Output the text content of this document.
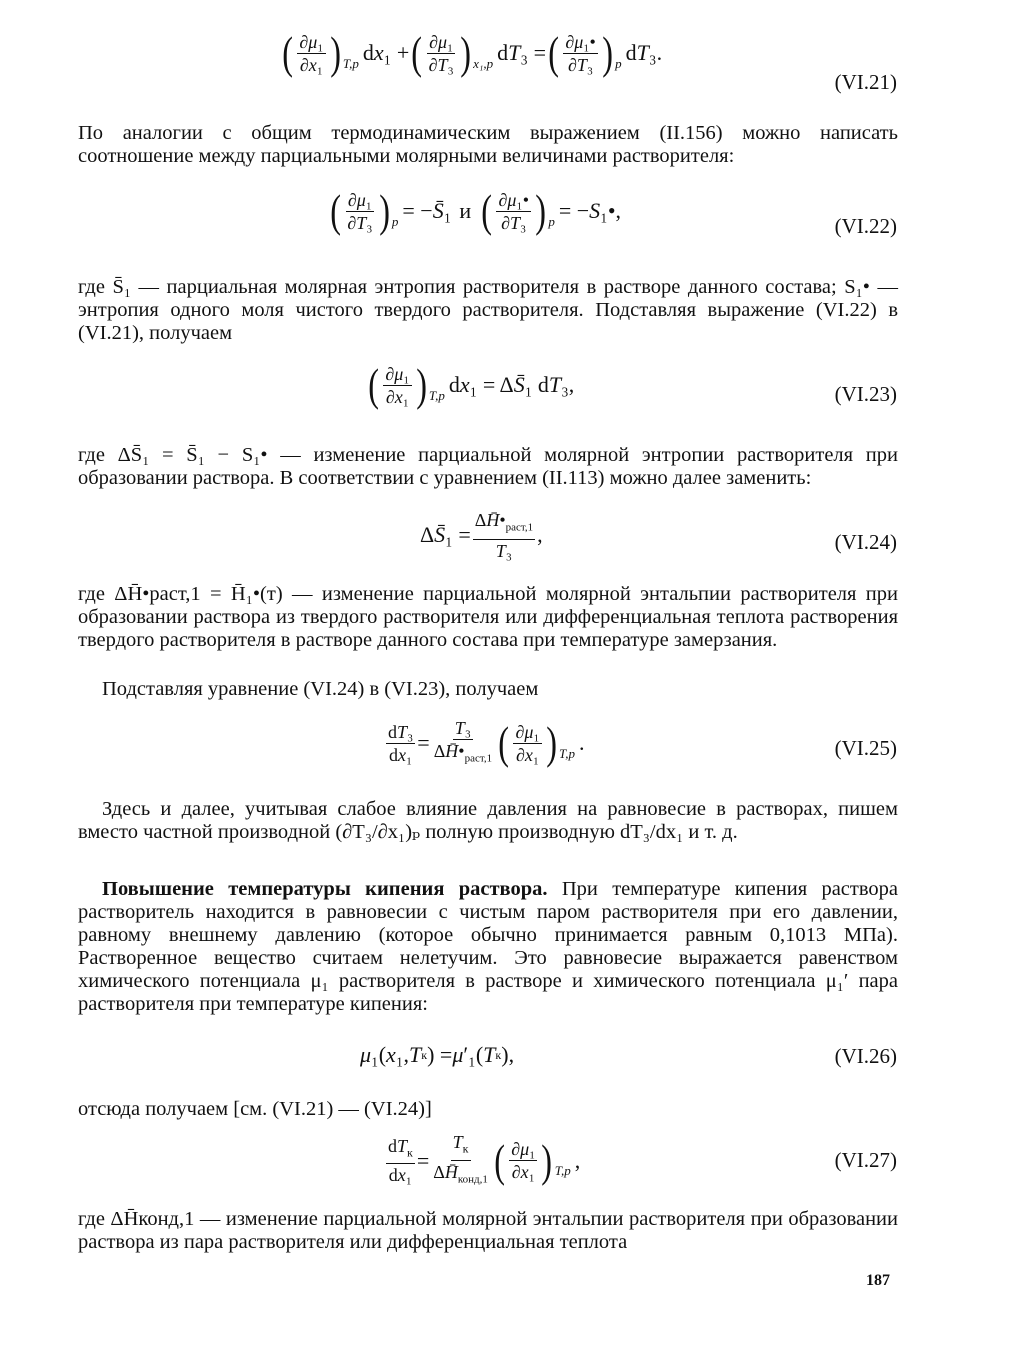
( $\frac{\text{∂μ₁}}{\text{∂x₁}}$ ) T,p d x ₁ + ( $\frac{\text{∂μ₁}}{\text{∂T₃}}$ ) x₁,p d T ₃ = ( $\frac{\text{∂μ₁•}}{\text{∂T₃}}$ ) p d T ₃.
(VI.21)
По аналогии с общим термодинамическим выражением (II.156) можно написать соотношение между парциальными молярными величинами растворителя:
( $\frac{\text{∂μ₁}}{\text{∂T₃}}$ ) p = − S̄ ₁ и ( $\frac{\text{∂μ₁•}}{\text{∂T₃}}$ ) p = − S ₁•,
(VI.22)
где S̄₁ — парциальная молярная энтропия растворителя в растворе данного состава; S₁• — энтропия одного моля чистого твердого растворителя. Подставляя выражение (VI.22) в (VI.21), получаем
( $\frac{\text{∂μ₁}}{\text{∂x₁}}$ ) T,p d x ₁ = Δ S̄ ₁ d T ₃,	(VI.23)
где ΔS̄₁ = S̄₁ − S₁• — изменение парциальной молярной энтропии растворителя при образовании раствора. В соответствии с уравнением (II.113) можно далее заменить:
Δ S̄ $_1 = \frac{\Delta H̄•_{раст,1}}{\text{T₃}}$ ,	(VI.24)
где ΔH̄•раст,1 = H̄₁•(т) — изменение парциальной молярной энтальпии растворителя при образовании раствора из твердого растворителя или дифференциальная теплота растворения твердого растворителя в растворе данного состава при температуре замерзания.
Подставляя уравнение (VI.24) в (VI.23), получаем
$\frac{\text{dT₃}}{\text{dx₁}} = \frac{\text{T₃}}{\Delta H̄•_{раст,1}}$ ( $\frac{\text{∂μ₁}}{\text{∂x₁}}$ ) T,p .	(VI.25)
Здесь и далее, учитывая слабое влияние давления на равновесие в растворах, пишем вместо частной производной (∂T₃/∂x₁)ₚ полную производную dT₃/dx₁ и т. д.
Повышение температуры кипения раствора. При температуре кипения раствора растворитель находится в равновесии с чистым паром растворителя при его давлении, равному внешнему давлению (которое обычно принимается равным 0,1013 МПа). Растворенное вещество считаем нелетучим. Это равновесие выражается равенством химического потенциала μ₁ растворителя в растворе и химического потенциала μ₁′ пара растворителя при температуре кипения:
μ ₁( x ₁, T к ) = μ ′₁( T к ),	(VI.26)
отсюда получаем [см. (VI.21) — (VI.24)]
$\frac{dT_к}{\text{dx₁}} = \frac{T_к}{\Delta H̄_{конд,1}}$ ( $\frac{\text{∂μ₁}}{\text{∂x₁}}$ ) T,p ,	(VI.27)
где ΔH̄конд,1 — изменение парциальной молярной энтальпии растворителя при образовании раствора из пара растворителя или дифференциальная теплота
187
